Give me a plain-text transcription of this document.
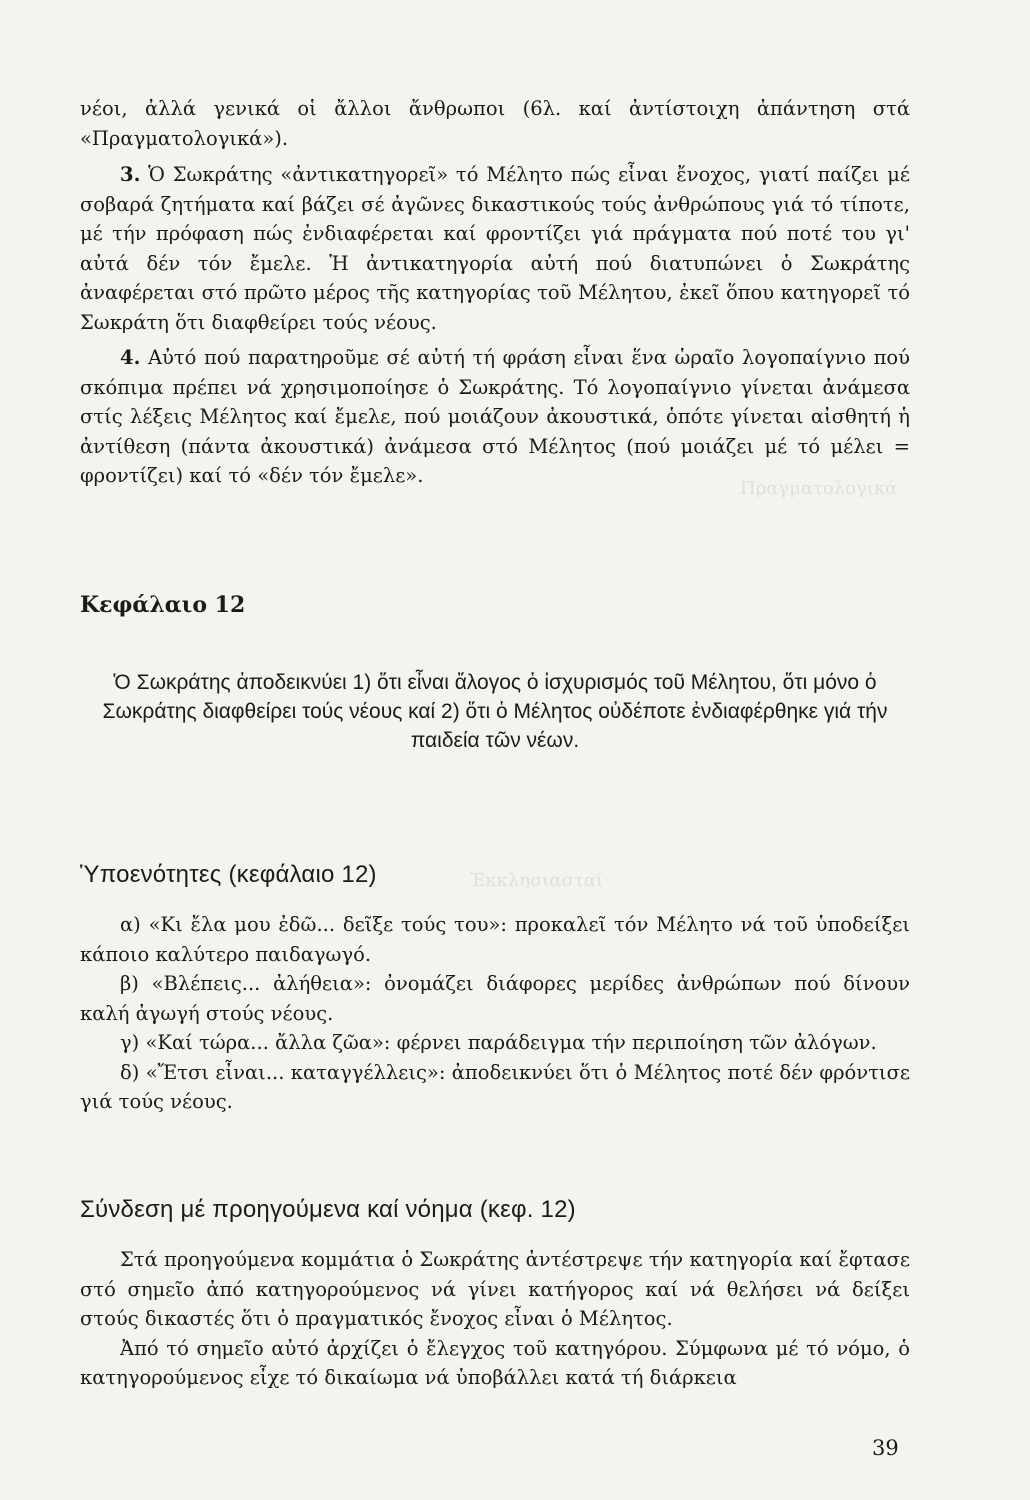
Πραγματολογικά
Ἐκκλησιασταί

νέοι, ἀλλά γενικά οἱ ἄλλοι ἄνθρωποι (6λ. καί ἀντίστοιχη ἀπάντηση στά «Πραγματολογικά»).

3. Ὁ Σωκράτης «ἀντικατηγορεῖ» τό Μέλητο πώς εἶναι ἔνοχος, γιατί παίζει μέ σοβαρά ζητήματα καί βάζει σέ ἀγῶνες δικαστικούς τούς ἀνθρώπους γιά τό τίποτε, μέ τήν πρόφαση πώς ἐνδιαφέρεται καί φροντίζει γιά πράγματα πού ποτέ του γι' αὐτά δέν τόν ἔμελε. Ἡ ἀντικατηγορία αὐτή πού διατυπώνει ὁ Σωκράτης ἀναφέρεται στό πρῶτο μέρος τῆς κατηγορίας τοῦ Μέλητου, ἐκεῖ ὅπου κατηγορεῖ τό Σωκράτη ὅτι διαφθείρει τούς νέους.

4. Αὐτό πού παρατηροῦμε σέ αὐτή τή φράση εἶναι ἕνα ὡραῖο λογοπαίγνιο πού σκόπιμα πρέπει νά χρησιμοποίησε ὁ Σωκράτης. Τό λογοπαίγνιο γίνεται ἀνάμεσα στίς λέξεις Μέλητος καί ἔμελε, πού μοιάζουν ἀκουστικά, ὁπότε γίνεται αἰσθητή ἡ ἀντίθεση (πάντα ἀκουστικά) ἀνάμεσα στό Μέλητος (πού μοιάζει μέ τό μέλει = φροντίζει) καί τό «δέν τόν ἔμελε».

Κεφάλαιο 12

Ὁ Σωκράτης ἀποδεικνύει 1) ὅτι εἶναι ἄλογος ὁ ἰσχυρισμός τοῦ Μέλητου, ὅτι μόνο ὁ Σωκράτης διαφθείρει τούς νέους καί 2) ὅτι ὁ Μέλητος οὐδέποτε ἐνδιαφέρθηκε γιά τήν παιδεία τῶν νέων.

Ὑποενότητες (κεφάλαιο 12)

α) «Κι ἔλα μου ἐδῶ... δεῖξε τούς του»: προκαλεῖ τόν Μέλητο νά τοῦ ὑποδείξει κάποιο καλύτερο παιδαγωγό.

β) «Βλέπεις... ἀλήθεια»: ὀνομάζει διάφορες μερίδες ἀνθρώπων πού δίνουν καλή ἀγωγή στούς νέους.

γ) «Καί τώρα... ἄλλα ζῶα»: φέρνει παράδειγμα τήν περιποίηση τῶν ἀλόγων.

δ) «Ἔτσι εἶναι... καταγγέλλεις»: ἀποδεικνύει ὅτι ὁ Μέλητος ποτέ δέν φρόντισε γιά τούς νέους.

Σύνδεση μέ προηγούμενα καί νόημα (κεφ. 12)

Στά προηγούμενα κομμάτια ὁ Σωκράτης ἀντέστρεψε τήν κατηγορία καί ἔφτασε στό σημεῖο ἀπό κατηγορούμενος νά γίνει κατήγορος καί νά θελήσει νά δείξει στούς δικαστές ὅτι ὁ πραγματικός ἔνοχος εἶναι ὁ Μέλητος.

Ἀπό τό σημεῖο αὐτό ἀρχίζει ὁ ἔλεγχος τοῦ κατηγόρου. Σύμφωνα μέ τό νόμο, ὁ κατηγορούμενος εἶχε τό δικαίωμα νά ὑποβάλλει κατά τή διάρκεια

39
